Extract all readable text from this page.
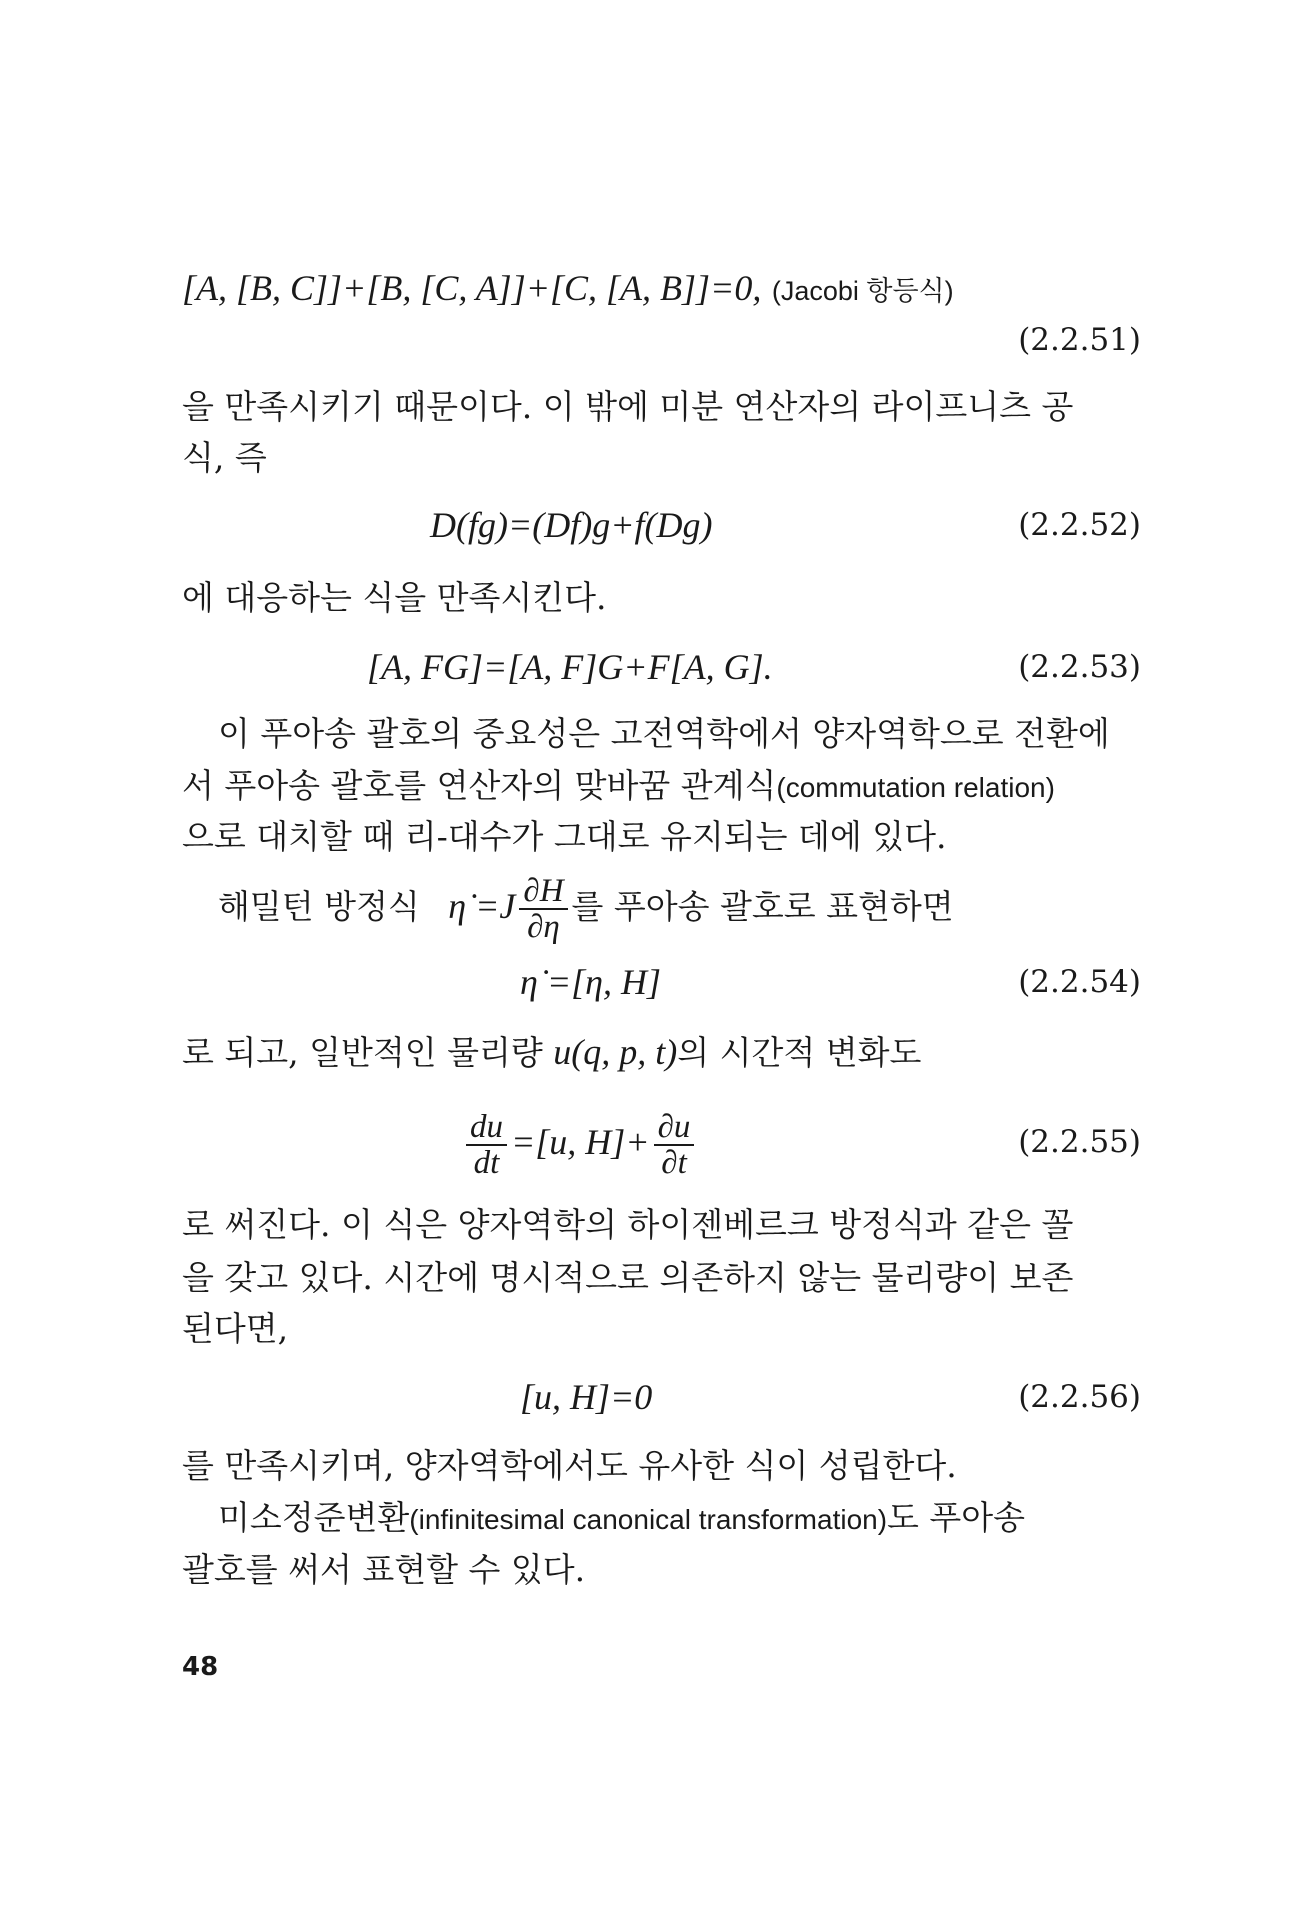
[A, [B, C]]+[B, [C, A]]+[C, [A, B]]=0, (Jacobi 항등식)
(2.2.51)
을 만족시키기 때문이다. 이 밖에 미분 연산자의 라이프니츠 공
식, 즉
D(fg)=(Df)g+f(Dg)	(2.2.52)
에 대응하는 식을 만족시킨다.
[A, FG]=[A, F]G+F[A, G].	(2.2.53)
이 푸아송 괄호의 중요성은 고전역학에서 양자역학으로 전환에
서 푸아송 괄호를 연산자의 맞바꿈 관계식(commutation relation)
으로 대치할 때 리-대수가 그대로 유지되는 데에 있다.
해밀턴 방정식 η̇ $=J \frac{\partial H}{\partial\eta}$ 를 푸아송 괄호로 표현하면
η̇ =[η, H]	(2.2.54)
로 되고, 일반적인 물리량 u(q, p, t)의 시간적 변화도
$\frac{du}{dt} =[u$, $H]+ \frac{\partial u}{\partial t}$	(2.2.55)
로 써진다. 이 식은 양자역학의 하이젠베르크 방정식과 같은 꼴
을 갖고 있다. 시간에 명시적으로 의존하지 않는 물리량이 보존
된다면,
[u, H]=0	(2.2.56)
를 만족시키며, 양자역학에서도 유사한 식이 성립한다.
미소정준변환(infinitesimal canonical transformation)도 푸아송
괄호를 써서 표현할 수 있다.
48
